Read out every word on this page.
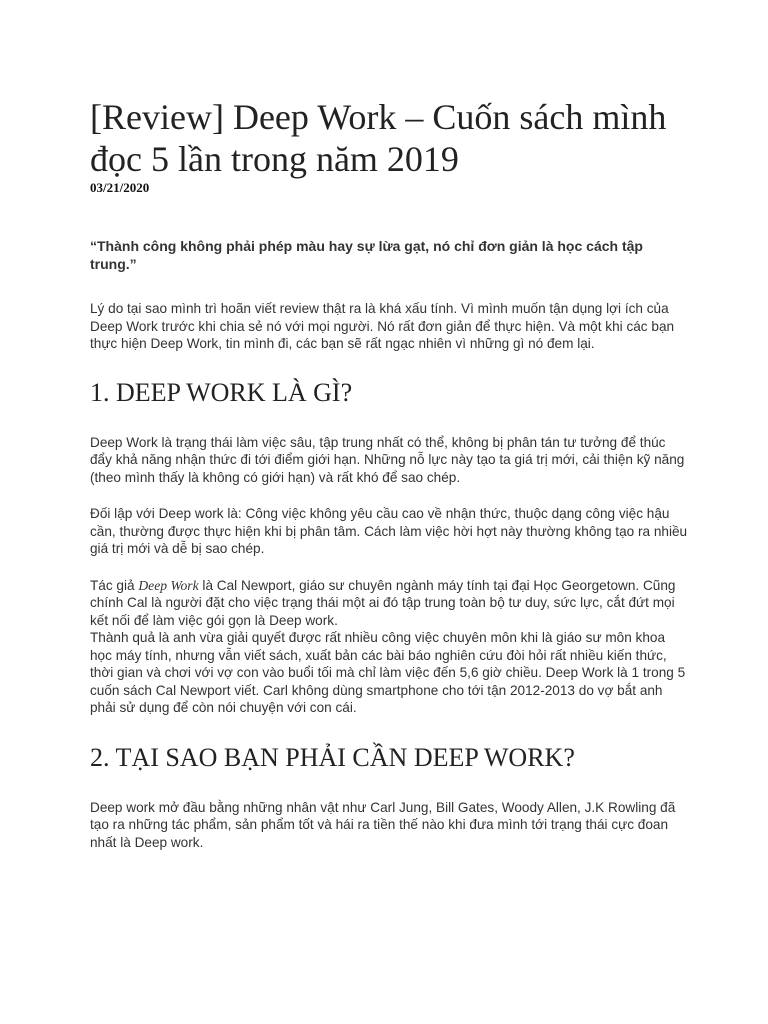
[Review] Deep Work – Cuốn sách mình đọc 5 lần trong năm 2019
03/21/2020
“Thành công không phải phép màu hay sự lừa gạt, nó chỉ đơn giản là học cách tập trung.”

Lý do tại sao mình trì hoãn viết review thật ra là khá xấu tính. Vì mình muốn tận dụng lợi ích của Deep Work trước khi chia sẻ nó với mọi người. Nó rất đơn giản để thực hiện. Và một khi các bạn thực hiện Deep Work, tin mình đi, các bạn sẽ rất ngạc nhiên vì những gì nó đem lại.

1. DEEP WORK LÀ GÌ?

Deep Work là trạng thái làm việc sâu, tập trung nhất có thể, không bị phân tán tư tưởng để thúc đẩy khả năng nhận thức đi tới điểm giới hạn. Những nỗ lực này tạo ta giá trị mới, cải thiện kỹ năng (theo mình thấy là không có giới hạn) và rất khó để sao chép.

Đối lập với Deep work là: Công việc không yêu cầu cao về nhận thức, thuộc dạng công việc hậu cần, thường được thực hiện khi bị phân tâm. Cách làm việc hời hợt này thường không tạo ra nhiều giá trị mới và dễ bị sao chép.

Tác giả Deep Work là Cal Newport, giáo sư chuyên ngành máy tính tại đại Học Georgetown. Cũng chính Cal là người đặt cho việc trạng thái một ai đó tập trung toàn bộ tư duy, sức lực, cắt đứt mọi kết nối để làm việc gói gọn là Deep work.

Thành quả là anh vừa giải quyết được rất nhiều công việc chuyên môn khi là giáo sư môn khoa học máy tính, nhưng vẫn viết sách, xuất bản các bài báo nghiên cứu đòi hỏi rất nhiều kiến thức, thời gian và chơi với vợ con vào buổi tối mà chỉ làm việc đến 5,6 giờ chiều. Deep Work là 1 trong 5 cuốn sách Cal Newport viết. Carl không dùng smartphone cho tới tận 2012-2013 do vợ bắt anh phải sử dụng để còn nói chuyện với con cái.

2. TẠI SAO BẠN PHẢI CẦN DEEP WORK?

Deep work mở đầu bằng những nhân vật như Carl Jung, Bill Gates, Woody Allen, J.K Rowling đã tạo ra những tác phẩm, sản phẩm tốt và hái ra tiền thế nào khi đưa mình tới trạng thái cực đoan nhất là Deep work.
